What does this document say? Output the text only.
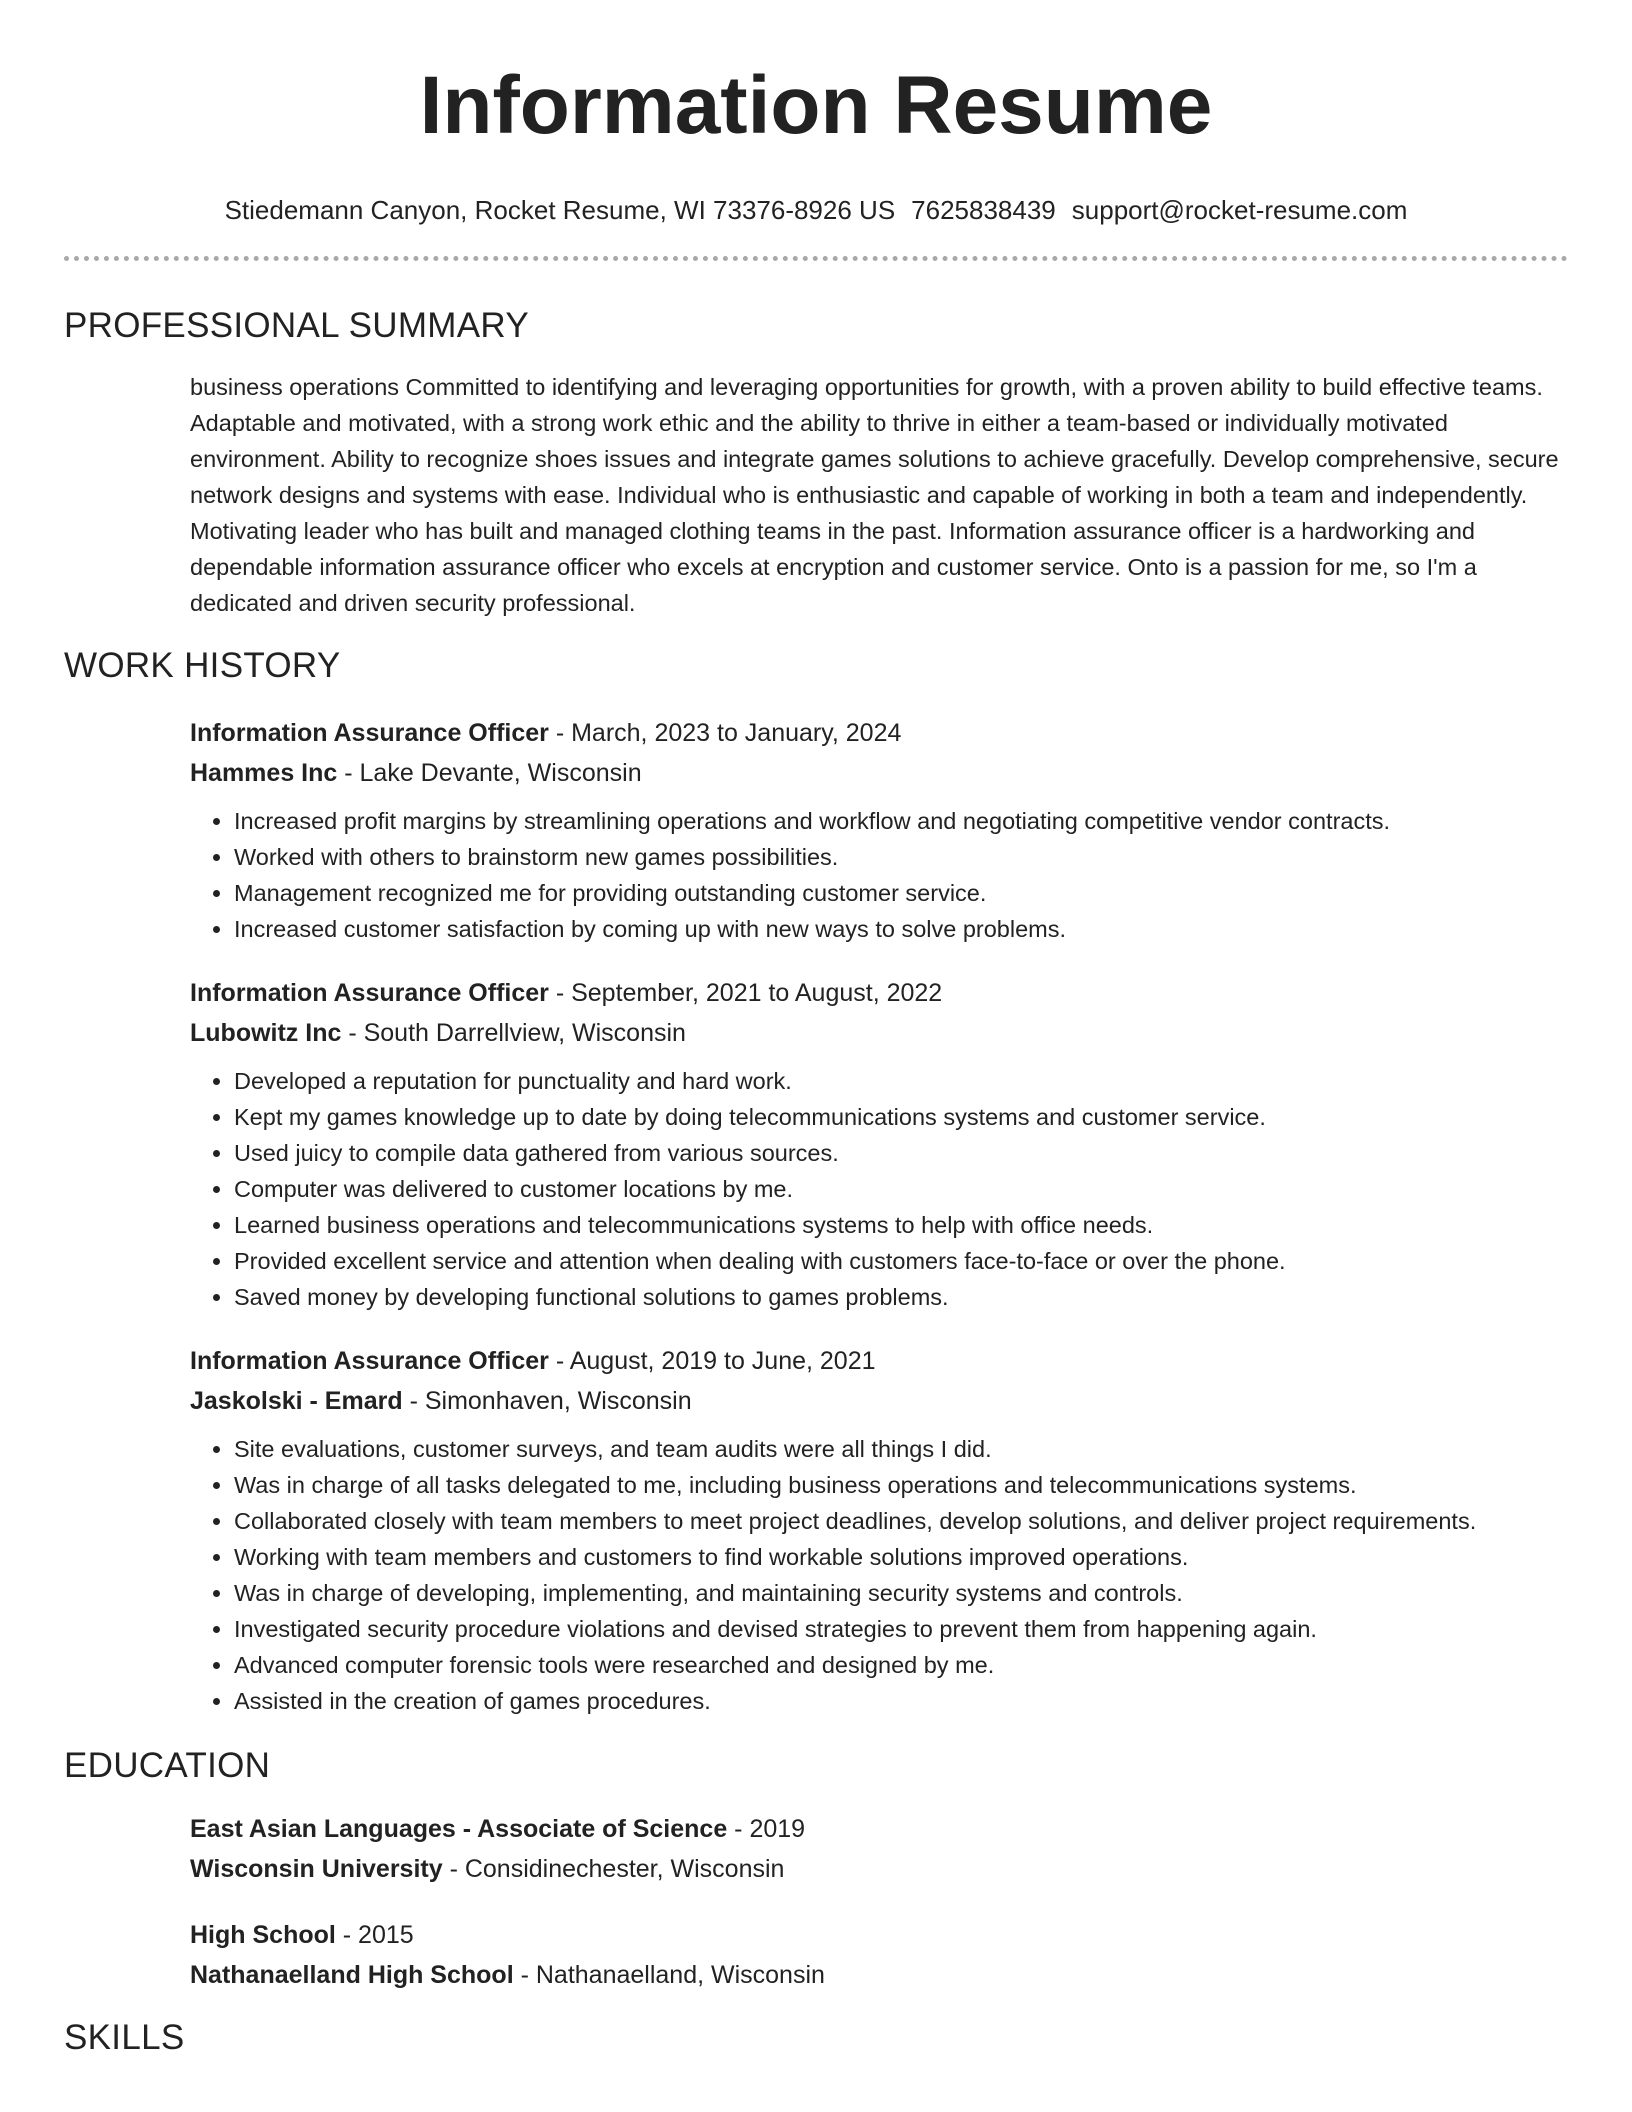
Information Resume
Stiedemann Canyon, Rocket Resume, WI 73376-8926 US 7625838439 support@rocket-resume.com
PROFESSIONAL SUMMARY

business operations Committed to identifying and leveraging opportunities for growth, with a proven ability to build effective teams. Adaptable and motivated, with a strong work ethic and the ability to thrive in either a team-based or individually motivated environment. Ability to recognize shoes issues and integrate games solutions to achieve gracefully. Develop comprehensive, secure network designs and systems with ease. Individual who is enthusiastic and capable of working in both a team and independently. Motivating leader who has built and managed clothing teams in the past. Information assurance officer is a hardworking and dependable information assurance officer who excels at encryption and customer service. Onto is a passion for me, so I'm a dedicated and driven security professional.

WORK HISTORY
Information Assurance Officer - March, 2023 to January, 2024
Hammes Inc - Lake Devante, Wisconsin
• Increased profit margins by streamlining operations and workflow and negotiating competitive vendor contracts.
• Worked with others to brainstorm new games possibilities.
• Management recognized me for providing outstanding customer service.
• Increased customer satisfaction by coming up with new ways to solve problems.
Information Assurance Officer - September, 2021 to August, 2022
Lubowitz Inc - South Darrellview, Wisconsin
• Developed a reputation for punctuality and hard work.
• Kept my games knowledge up to date by doing telecommunications systems and customer service.
• Used juicy to compile data gathered from various sources.
• Computer was delivered to customer locations by me.
• Learned business operations and telecommunications systems to help with office needs.
• Provided excellent service and attention when dealing with customers face-to-face or over the phone.
• Saved money by developing functional solutions to games problems.
Information Assurance Officer - August, 2019 to June, 2021
Jaskolski - Emard - Simonhaven, Wisconsin
• Site evaluations, customer surveys, and team audits were all things I did.
• Was in charge of all tasks delegated to me, including business operations and telecommunications systems.
• Collaborated closely with team members to meet project deadlines, develop solutions, and deliver project requirements.
• Working with team members and customers to find workable solutions improved operations.
• Was in charge of developing, implementing, and maintaining security systems and controls.
• Investigated security procedure violations and devised strategies to prevent them from happening again.
• Advanced computer forensic tools were researched and designed by me.
• Assisted in the creation of games procedures.
EDUCATION
East Asian Languages - Associate of Science - 2019
Wisconsin University - Considinechester, Wisconsin
High School - 2015
Nathanaelland High School - Nathanaelland, Wisconsin
SKILLS
